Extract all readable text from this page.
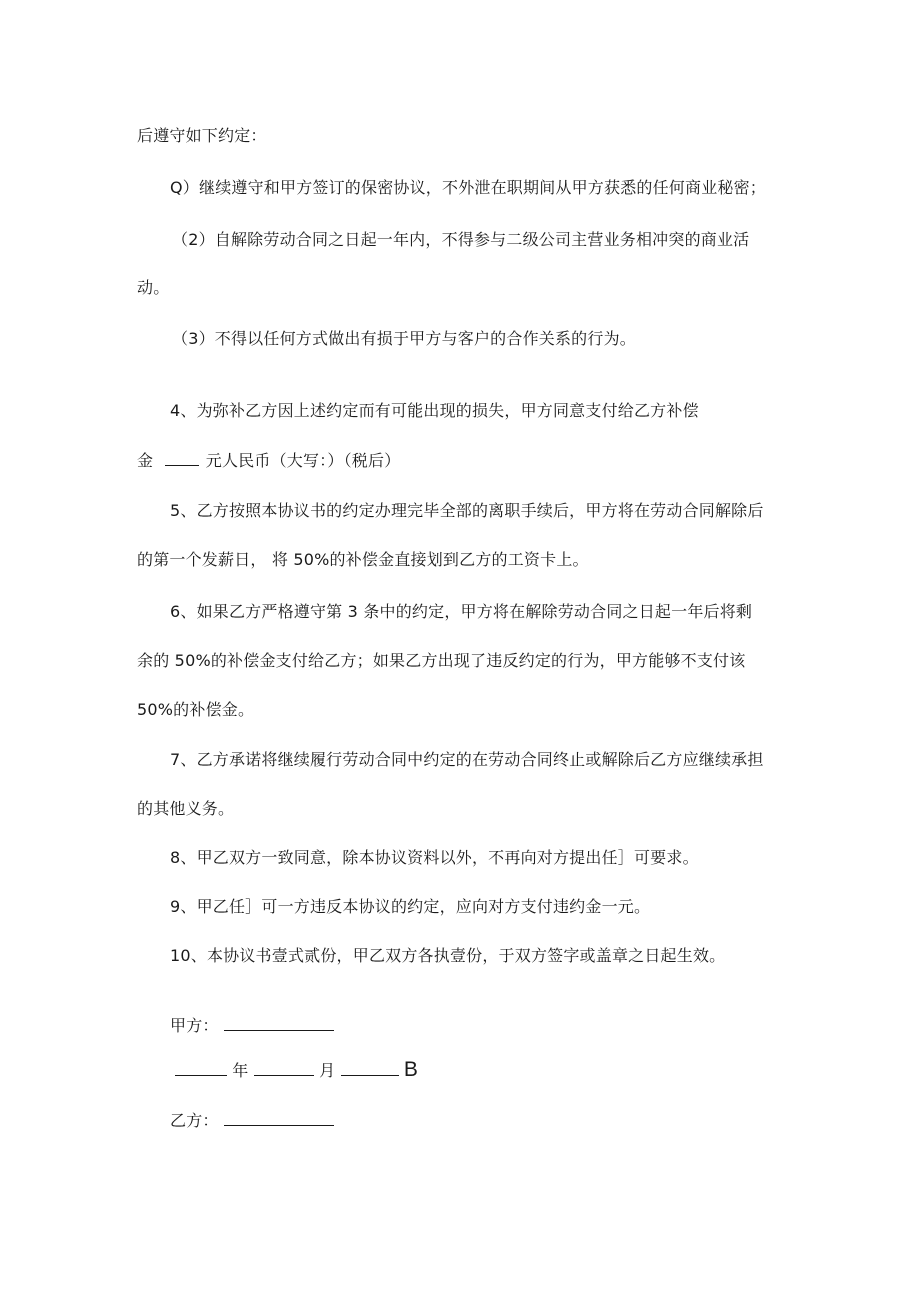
后遵守如下约定：
Q）继续遵守和甲方签订的保密协议，不外泄在职期间从甲方获悉的任何商业秘密；
（2）自解除劳动合同之日起一年内，不得参与二级公司主营业务相冲突的商业活
动。
（3）不得以任何方式做出有损于甲方与客户的合作关系的行为。
4、为弥补乙方因上述约定而有可能出现的损失，甲方同意支付给乙方补偿
金	元人民币（大写：）（税后）
5、乙方按照本协议书的约定办理完毕全部的离职手续后，甲方将在劳动合同解除后
的第一个发薪日， 将 50%的补偿金直接划到乙方的工资卡上。
6、如果乙方严格遵守第 3 条中的约定，甲方将在解除劳动合同之日起一年后将剩
余的 50%的补偿金支付给乙方；如果乙方出现了违反约定的行为，甲方能够不支付该
50%的补偿金。
7、乙方承诺将继续履行劳动合同中约定的在劳动合同终止或解除后乙方应继续承担
的其他义务。
8、甲乙双方一致同意，除本协议资料以外，不再向对方提出任］可要求。
9、甲乙任］可一方违反本协议的约定，应向对方支付违约金一元。
10、本协议书壹式贰份，甲乙双方各执壹份，于双方签字或盖章之日起生效。
甲方：
年	月	B
乙方：
